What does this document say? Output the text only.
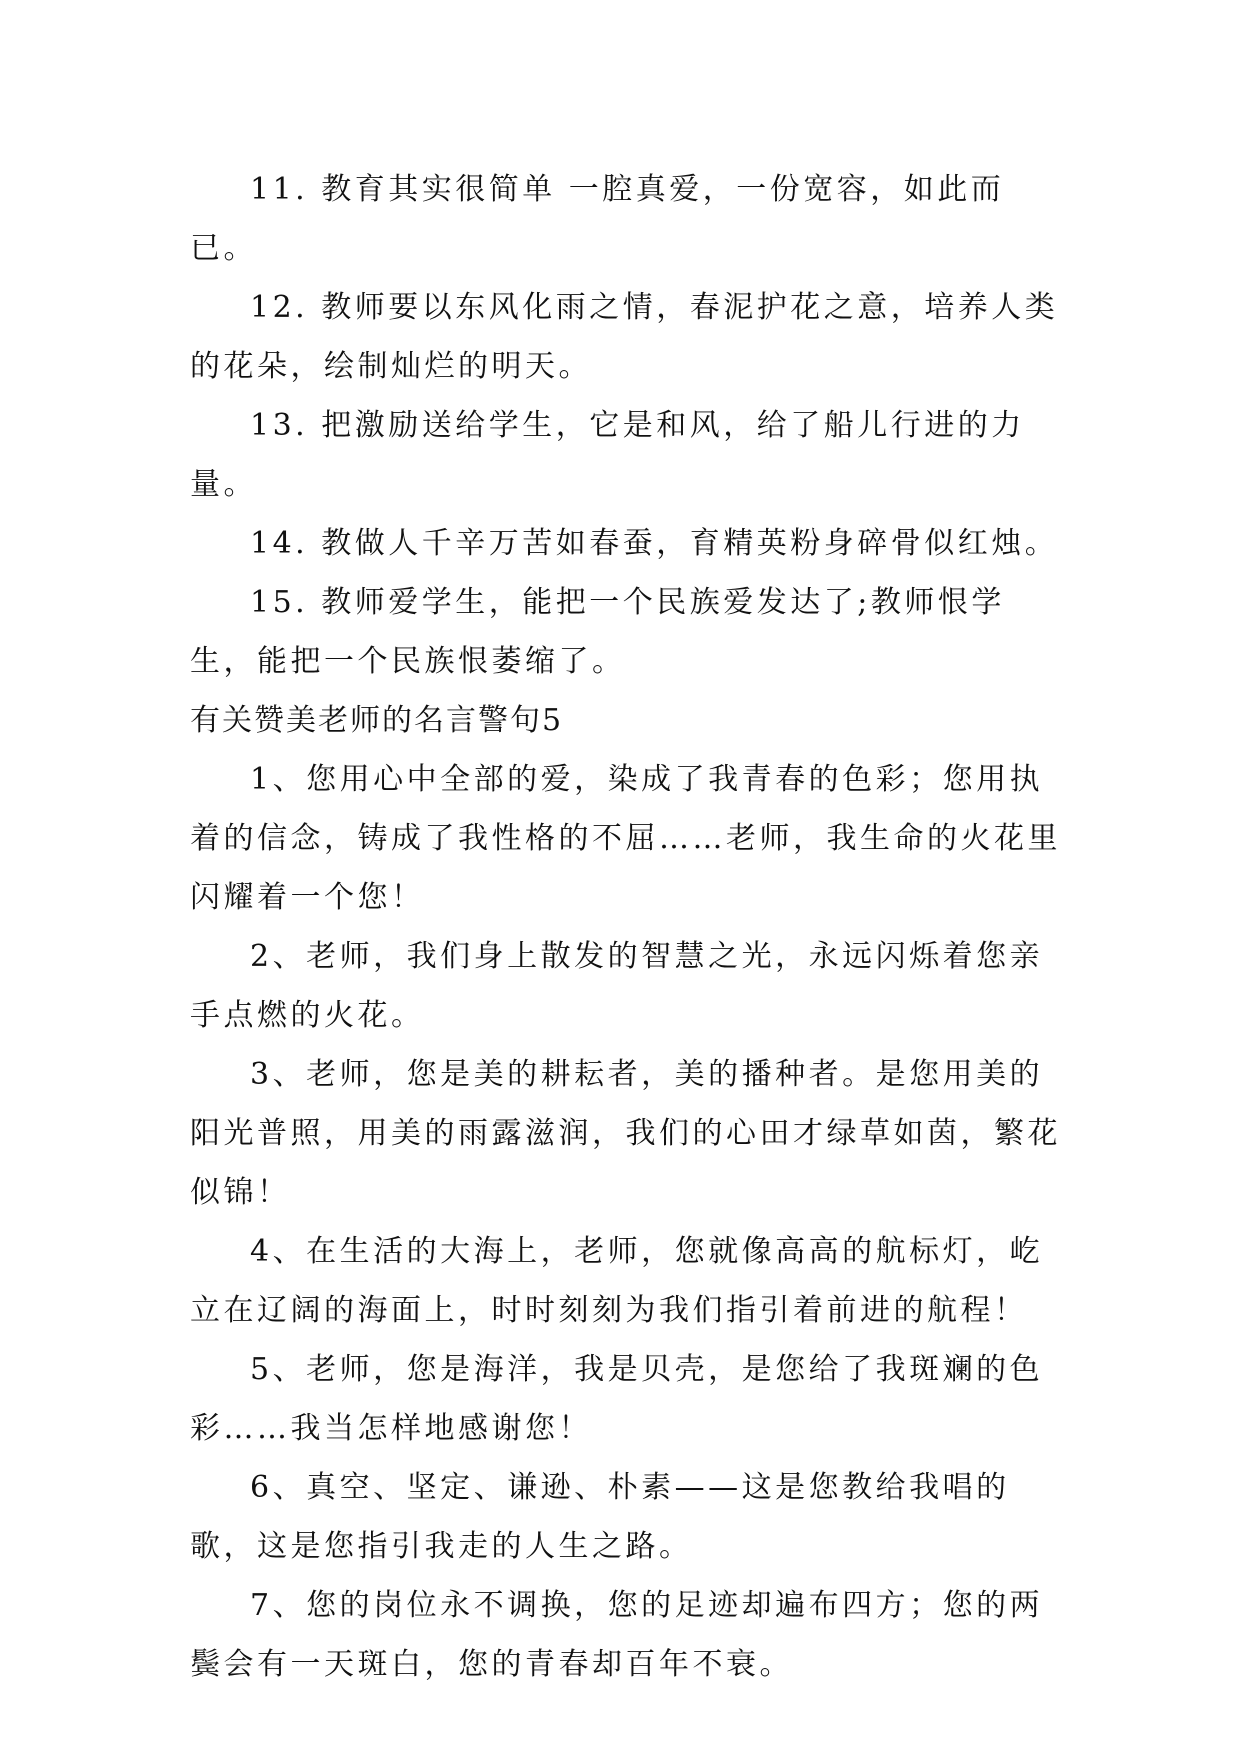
11. 教育其实很简单 一腔真爱，一份宽容，如此而已。

12. 教师要以东风化雨之情，春泥护花之意，培养人类的花朵，绘制灿烂的明天。

13. 把激励送给学生，它是和风，给了船儿行进的力量。

14. 教做人千辛万苦如春蚕，育精英粉身碎骨似红烛。

15. 教师爱学生，能把一个民族爱发达了;教师恨学生，能把一个民族恨萎缩了。

有关赞美老师的名言警句5

1、您用心中全部的爱，染成了我青春的色彩；您用执着的信念，铸成了我性格的不屈……老师，我生命的火花里闪耀着一个您！

2、老师，我们身上散发的智慧之光，永远闪烁着您亲手点燃的火花。

3、老师，您是美的耕耘者，美的播种者。是您用美的阳光普照，用美的雨露滋润，我们的心田才绿草如茵，繁花似锦！

4、在生活的大海上，老师，您就像高高的航标灯，屹立在辽阔的海面上，时时刻刻为我们指引着前进的航程！

5、老师，您是海洋，我是贝壳，是您给了我斑斓的色彩……我当怎样地感谢您！

6、真空、坚定、谦逊、朴素——这是您教给我唱的歌，这是您指引我走的人生之路。

7、您的岗位永不调换，您的足迹却遍布四方；您的两鬓会有一天斑白，您的青春却百年不衰。
